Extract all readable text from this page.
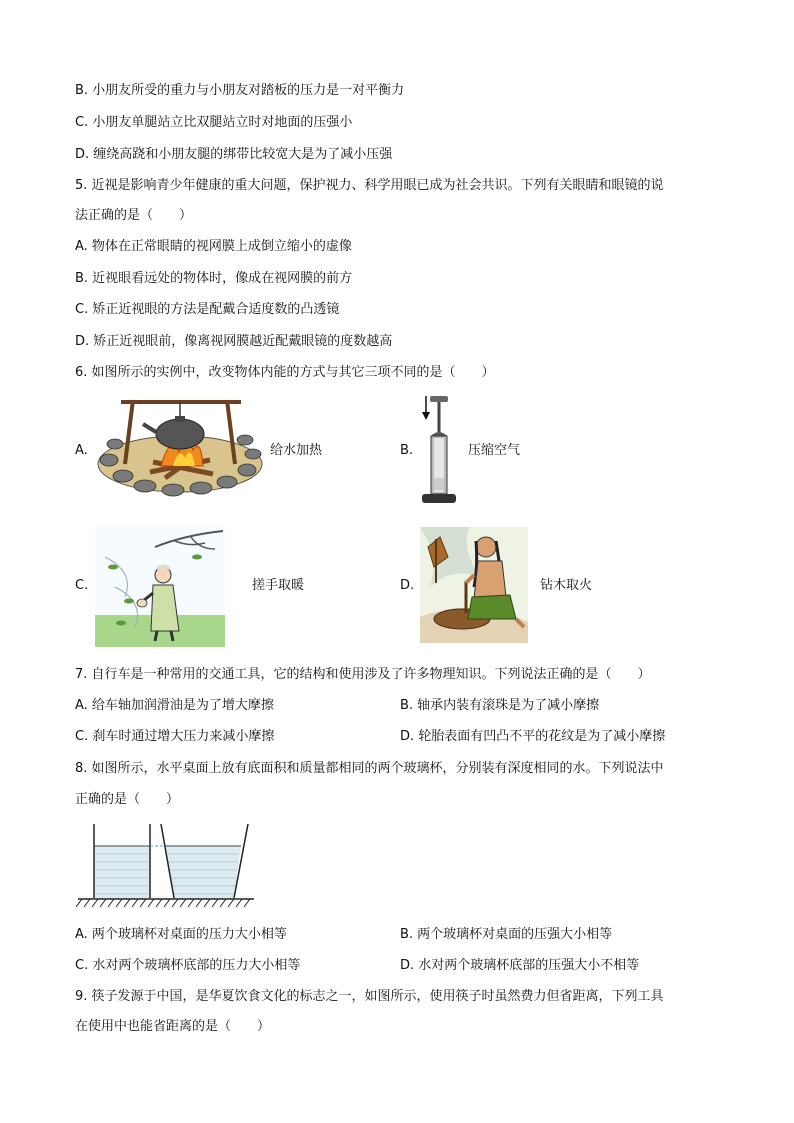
B. 小朋友所受的重力与小朋友对踏板的压力是一对平衡力
C. 小朋友单腿站立比双腿站立时对地面的压强小
D. 缠绕高跷和小朋友腿的绑带比较宽大是为了减小压强
5. 近视是影响青少年健康的重大问题，保护视力、科学用眼已成为社会共识。下列有关眼睛和眼镜的说
法正确的是（　　）
A. 物体在正常眼睛的视网膜上成倒立缩小的虚像
B. 近视眼看远处的物体时，像成在视网膜的前方
C. 矫正近视眼的方法是配戴合适度数的凸透镜
D. 矫正近视眼前，像离视网膜越近配戴眼镜的度数越高
6. 如图所示的实例中，改变物体内能的方式与其它三项不同的是（　　）
A.	给水加热	B.	压缩空气
C.	搓手取暖	D.	钻木取火
7. 自行车是一种常用的交通工具，它的结构和使用涉及了许多物理知识。下列说法正确的是（　　）
A. 给车轴加润滑油是为了增大摩擦	B. 轴承内装有滚珠是为了减小摩擦
C. 刹车时通过增大压力来减小摩擦	D. 轮胎表面有凹凸不平的花纹是为了减小摩擦
8. 如图所示，水平桌面上放有底面积和质量都相同的两个玻璃杯，分别装有深度相同的水。下列说法中
正确的是（　　）
A. 两个玻璃杯对桌面的压力大小相等	B. 两个玻璃杯对桌面的压强大小相等
C. 水对两个玻璃杯底部的压力大小相等	D. 水对两个玻璃杯底部的压强大小不相等
9. 筷子发源于中国，是华夏饮食文化的标志之一，如图所示，使用筷子时虽然费力但省距离，下列工具
在使用中也能省距离的是（　　）
